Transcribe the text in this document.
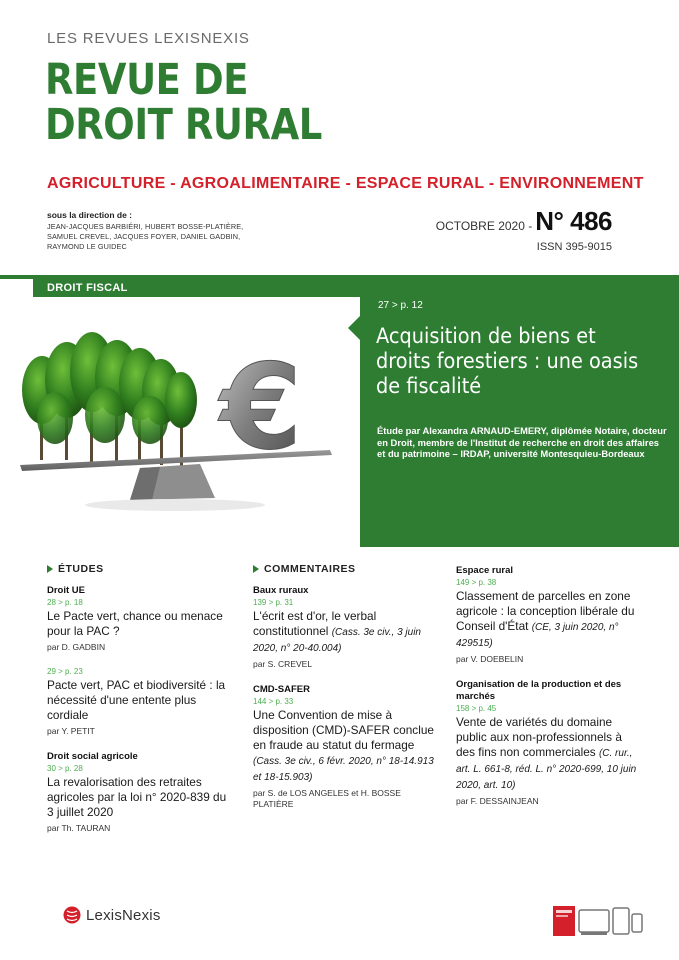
LES REVUES LEXISNEXIS
REVUE DE
DROIT RURAL
AGRICULTURE - AGROALIMENTAIRE - ESPACE RURAL - ENVIRONNEMENT
sous la direction de :
JEAN-JACQUES BARBIÉRI, HUBERT BOSSE-PLATIÈRE, SAMUEL CREVEL, JACQUES FOYER, DANIEL GADBIN, RAYMOND LE GUIDEC
OCTOBRE 2020 - N° 486
ISSN 395-9015
DROIT FISCAL
27 > p. 12
Acquisition de biens et droits forestiers : une oasis de fiscalité
Étude par Alexandra ARNAUD-EMERY, diplômée Notaire, docteur en Droit, membre de l'Institut de recherche en droit des affaires et du patrimoine – IRDAP, université Montesquieu-Bordeaux
€
ÉTUDES
Droit UE
28 > p. 18
Le Pacte vert, chance ou menace pour la PAC ?
par D. GADBIN
29 > p. 23
Pacte vert, PAC et biodiversité : la nécessité d'une entente plus cordiale
par Y. PETIT
Droit social agricole
30 > p. 28
La revalorisation des retraites agricoles par la loi n° 2020-839 du 3 juillet 2020
par Th. TAURAN
COMMENTAIRES
Baux ruraux
139 > p. 31
L'écrit est d'or, le verbal constitutionnel (Cass. 3e civ., 3 juin 2020, n° 20-40.004)
par S. CREVEL
CMD-SAFER
144 > p. 33
Une Convention de mise à disposition (CMD)-SAFER conclue en fraude au statut du fermage (Cass. 3e civ., 6 févr. 2020, n° 18-14.913 et 18-15.903)
par S. de LOS ANGELES et H. BOSSE PLATIÈRE
Espace rural
149 > p. 38
Classement de parcelles en zone agricole : la conception libérale du Conseil d'État (CE, 3 juin 2020, n° 429515)
par V. DOEBELIN
Organisation de la production et des marchés
158 > p. 45
Vente de variétés du domaine public aux non-professionnels à des fins non commerciales (C. rur., art. L. 661-8, réd. L. n° 2020-699, 10 juin 2020, art. 10)
par F. DESSAINJEAN
LexisNexis
